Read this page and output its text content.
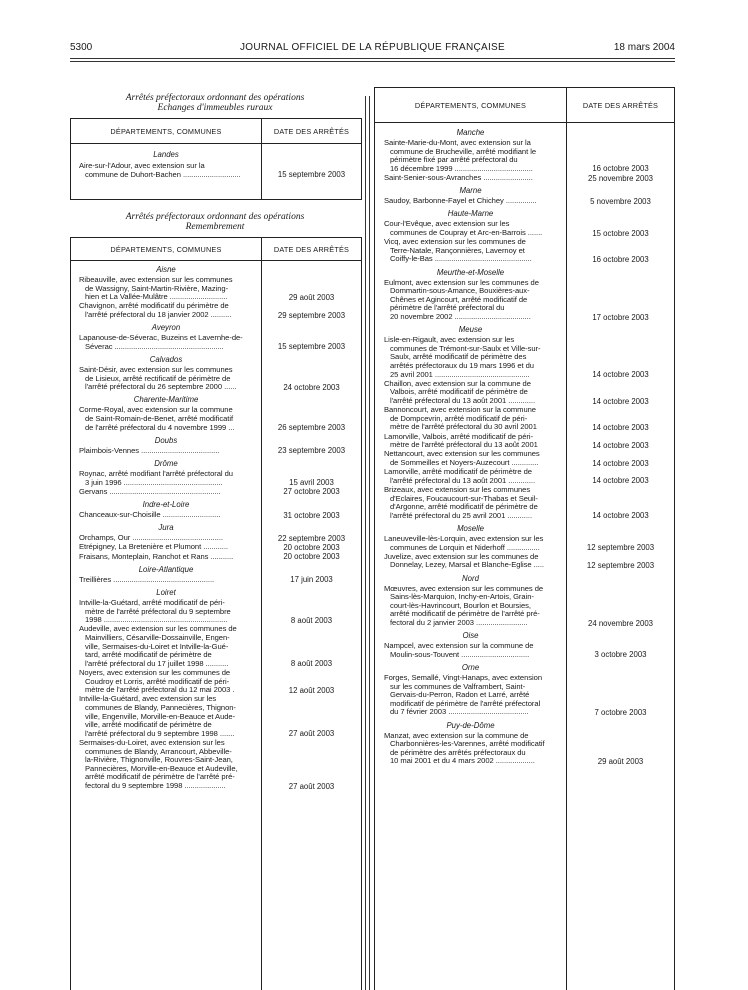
5300	JOURNAL OFFICIEL DE LA RÉPUBLIQUE FRANÇAISE	18 mars 2004
Arrêtés préfectoraux ordonnant des opérations
Echanges d'immeubles ruraux
DÉPARTEMENTS, COMMUNES	DATE DES ARRÊTÉS
Landes
Aire-sur-l'Adour, avec extension sur la
commune de Duhort-Bachen ............................	15 septembre 2003
Arrêtés préfectoraux ordonnant des opérations
Remembrement
DÉPARTEMENTS, COMMUNES	DATE DES ARRÊTÉS
Aisne
Ribeauville, avec extension sur les communes
de Wassigny, Saint-Martin-Rivière, Mazing-
hien et La Vallée-Mulâtre ............................	29 août 2003
Chavignon, arrêté modificatif du périmètre de
l'arrêté préfectoral du 18 janvier 2002 ..........	29 septembre 2003
Aveyron
Lapanouse-de-Séverac, Buzeins et Lavernhe-de-
Séverac .....................................................	15 septembre 2003
Calvados
Saint-Désir, avec extension sur les communes
de Lisieux, arrêté rectificatif de périmètre de
l'arrêté préfectoral du 26 septembre 2000 ......	24 octobre 2003
Charente-Maritime
Corme-Royal, avec extension sur la commune
de Saint-Romain-de-Benet, arrêté modificatif
de l'arrêté préfectoral du 4 novembre 1999 ...	26 septembre 2003
Doubs
Plaimbois-Vennes ......................................	23 septembre 2003
Drôme
Roynac, arrêté modifiant l'arrêté préfectoral du
3 juin 1996 ................................................	15 avril 2003
Gervans ......................................................	27 octobre 2003
Indre-et-Loire
Chanceaux-sur-Choisille ............................	31 octobre 2003
Jura
Orchamps, Our ............................................	22 septembre 2003
Etrépigney, La Bretenière et Plumont ............	20 octobre 2003
Fraisans, Monteplain, Ranchot et Rans ...........	20 octobre 2003
Loire-Atlantique
Treillières .................................................	17 juin 2003
Loiret
Intville-la-Guétard, arrêté modificatif de péri-
mètre de l'arrêté préfectoral du 9 septembre
1998 ............................................................	8 août 2003
Audeville, avec extension sur les communes de
Mainvilliers, Césarville-Dossainville, Engen-
ville, Sermaises-du-Loiret et Intville-la-Gué-
tard, arrêté modificatif de périmètre de
l'arrêté préfectoral du 17 juillet 1998 ...........	8 août 2003
Noyers, avec extension sur les communes de
Coudroy et Lorris, arrêté modificatif de péri-
mètre de l'arrêté préfectoral du 12 mai 2003 .	12 août 2003
Intville-la-Guétard, avec extension sur les
communes de Blandy, Pannecières, Thignon-
ville, Engenville, Morville-en-Beauce et Aude-
ville, arrêté modificatif de périmètre de
l'arrêté préfectoral du 9 septembre 1998 .......	27 août 2003
Sermaises-du-Loiret, avec extension sur les
communes de Blandy, Arrancourt, Abbeville-
la-Rivière, Thignonville, Rouvres-Saint-Jean,
Pannecières, Morville-en-Beauce et Audeville,
arrêté modificatif de périmètre de l'arrêté pré-
fectoral du 9 septembre 1998 ....................	27 août 2003
DÉPARTEMENTS, COMMUNES	DATE DES ARRÊTÉS
Manche
Sainte-Marie-du-Mont, avec extension sur la
commune de Brucheville, arrêté modifiant le
périmètre fixé par arrêté préfectoral du
16 décembre 1999 ......................................	16 octobre 2003
Saint-Senier-sous-Avranches ........................	25 novembre 2003
Marne
Saudoy, Barbonne-Fayel et Chichey ...............	5 novembre 2003
Haute-Marne
Cour-l'Evêque, avec extension sur les
communes de Coupray et Arc-en-Barrois .......	15 octobre 2003
Vicq, avec extension sur les communes de
Terre-Natale, Rançonnières, Lavernoy et
Coiffy-le-Bas ...............................................	16 octobre 2003
Meurthe-et-Moselle
Eulmont, avec extension sur les communes de
Dommartin-sous-Amance, Bouxières-aux-
Chênes et Agincourt, arrêté modificatif de
périmètre de l'arrêté préfectoral du
20 novembre 2002 .....................................	17 octobre 2003
Meuse
Lisle-en-Rigault, avec extension sur les
communes de Trémont-sur-Saulx et Ville-sur-
Saulx, arrêté modificatif de périmètre des
arrêtés préfectoraux du 19 mars 1996 et du
25 avril 2001 ..............................................	14 octobre 2003
Chaillon, avec extension sur la commune de
Valbois, arrêté modificatif de périmètre de
l'arrêté préfectoral du 13 août 2001 .............	14 octobre 2003
Bannoncourt, avec extension sur la commune
de Dompcevrin, arrêté modificatif de péri-
mètre de l'arrêté préfectoral du 30 avril 2001	14 octobre 2003
Lamorville, Valbois, arrêté modificatif de péri-
mètre de l'arrêté préfectoral du 13 août 2001	14 octobre 2003
Nettancourt, avec extension sur les communes
de Sommeilles et Noyers-Auzecourt .............	14 octobre 2003
Lamorville, arrêté modificatif de périmètre de
l'arrêté préfectoral du 13 août 2001 .............	14 octobre 2003
Brizeaux, avec extension sur les communes
d'Eclaires, Foucaucourt-sur-Thabas et Seuil-
d'Argonne, arrêté modificatif de périmètre de
l'arrêté préfectoral du 25 avril 2001 ............	14 octobre 2003
Moselle
Laneuveville-lès-Lorquin, avec extension sur les
communes de Lorquin et Niderhoff ................	12 septembre 2003
Juvelize, avec extension sur les communes de
Donnelay, Lezey, Marsal et Blanche-Eglise .....	12 septembre 2003
Nord
Mœuvres, avec extension sur les communes de
Sains-lès-Marquion, Inchy-en-Artois, Grain-
court-lès-Havrincourt, Bourlon et Boursies,
arrêté modificatif de périmètre de l'arrêté pré-
fectoral du 2 janvier 2003 .........................	24 novembre 2003
Oise
Nampcel, avec extension sur la commune de
Moulin-sous-Touvent .................................	3 octobre 2003
Orne
Forges, Semallé, Vingt-Hanaps, avec extension
sur les communes de Valframbert, Saint-
Gervais-du-Perron, Radon et Larré, arrêté
modificatif de périmètre de l'arrêté préfectoral
du 7 février 2003 .......................................	7 octobre 2003
Puy-de-Dôme
Manzat, avec extension sur la commune de
Charbonnières-les-Varennes, arrêté modificatif
de périmètre des arrêtés préfectoraux du
10 mai 2001 et du 4 mars 2002 ...................	29 août 2003
